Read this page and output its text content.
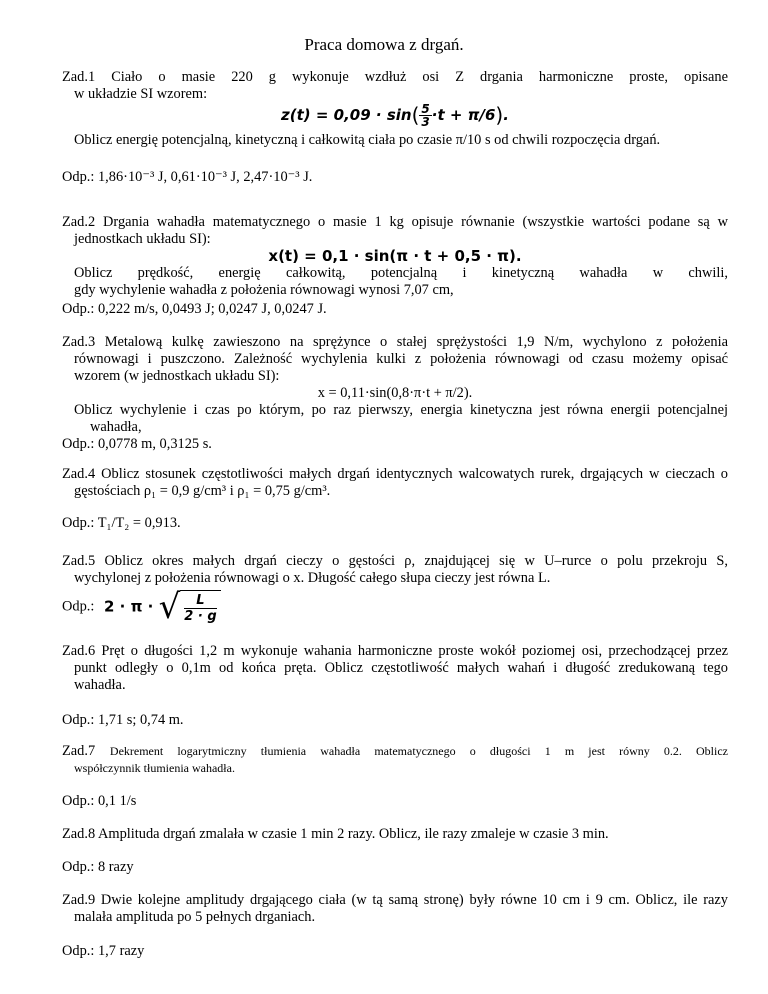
Praca domowa z drgań.
Zad.1 Ciało o masie 220 g wykonuje wzdłuż osi Z drgania harmoniczne proste, opisane
w układzie SI wzorem:
$z(t) = 0,09 \cdot \sin( \frac{5}{3} \cdot t + \pi/6)$.
Oblicz energię potencjalną, kinetyczną i całkowitą ciała po czasie π/10 s od chwili rozpoczęcia drgań.
Odp.: 1,86·10⁻³ J, 0,61·10⁻³ J, 2,47·10⁻³ J.
Zad.2 Drgania wahadła matematycznego o masie 1 kg opisuje równanie (wszystkie wartości podane są w
jednostkach układu SI):
x(t) = 0,1 · sin(π · t + 0,5 · π).
Oblicz prędkość, energię całkowitą, potencjalną i kinetyczną wahadła w chwili,
gdy wychylenie wahadła z położenia równowagi wynosi 7,07 cm,
Odp.: 0,222 m/s, 0,0493 J; 0,0247 J, 0,0247 J.
Zad.3 Metalową kulkę zawieszono na sprężynce o stałej sprężystości 1,9 N/m, wychylono z położenia
równowagi i puszczono. Zależność wychylenia kulki z położenia równowagi od czasu możemy opisać
wzorem (w jednostkach układu SI):
x = 0,11·sin(0,8·π·t + π/2).
Oblicz wychylenie i czas po którym, po raz pierwszy, energia kinetyczna jest równa energii potencjalnej
wahadła,
Odp.: 0,0778 m, 0,3125 s.
Zad.4 Oblicz stosunek częstotliwości małych drgań identycznych walcowatych rurek, drgających w cieczach o
gęstościach ρ₁ = 0,9 g/cm³ i ρ₁ = 0,75 g/cm³.
Odp.: T₁/T₂ = 0,913.
Zad.5 Oblicz okres małych drgań cieczy o gęstości ρ, znajdującej się w U–rurce o polu przekroju S,
wychylonej z położenia równowagi o x. Długość całego słupa cieczy jest równa L.
Odp.: 2 · π · √ $\frac{L}{2 \cdot g}$
Zad.6 Pręt o długości 1,2 m wykonuje wahania harmoniczne proste wokół poziomej osi, przechodzącej przez
punkt odległy o 0,1m od końca pręta. Oblicz częstotliwość małych wahań i długość zredukowaną tego
wahadła.
Odp.: 1,71 s; 0,74 m.
Zad.7 Dekrement logarytmiczny tłumienia wahadła matematycznego o długości 1 m jest równy 0.2. Oblicz
współczynnik tłumienia wahadła.
Odp.: 0,1 1/s
Zad.8 Amplituda drgań zmalała w czasie 1 min 2 razy. Oblicz, ile razy zmaleje w czasie 3 min.
Odp.: 8 razy
Zad.9 Dwie kolejne amplitudy drgającego ciała (w tą samą stronę) były równe 10 cm i 9 cm. Oblicz, ile razy
malała amplituda po 5 pełnych drganiach.
Odp.: 1,7 razy
